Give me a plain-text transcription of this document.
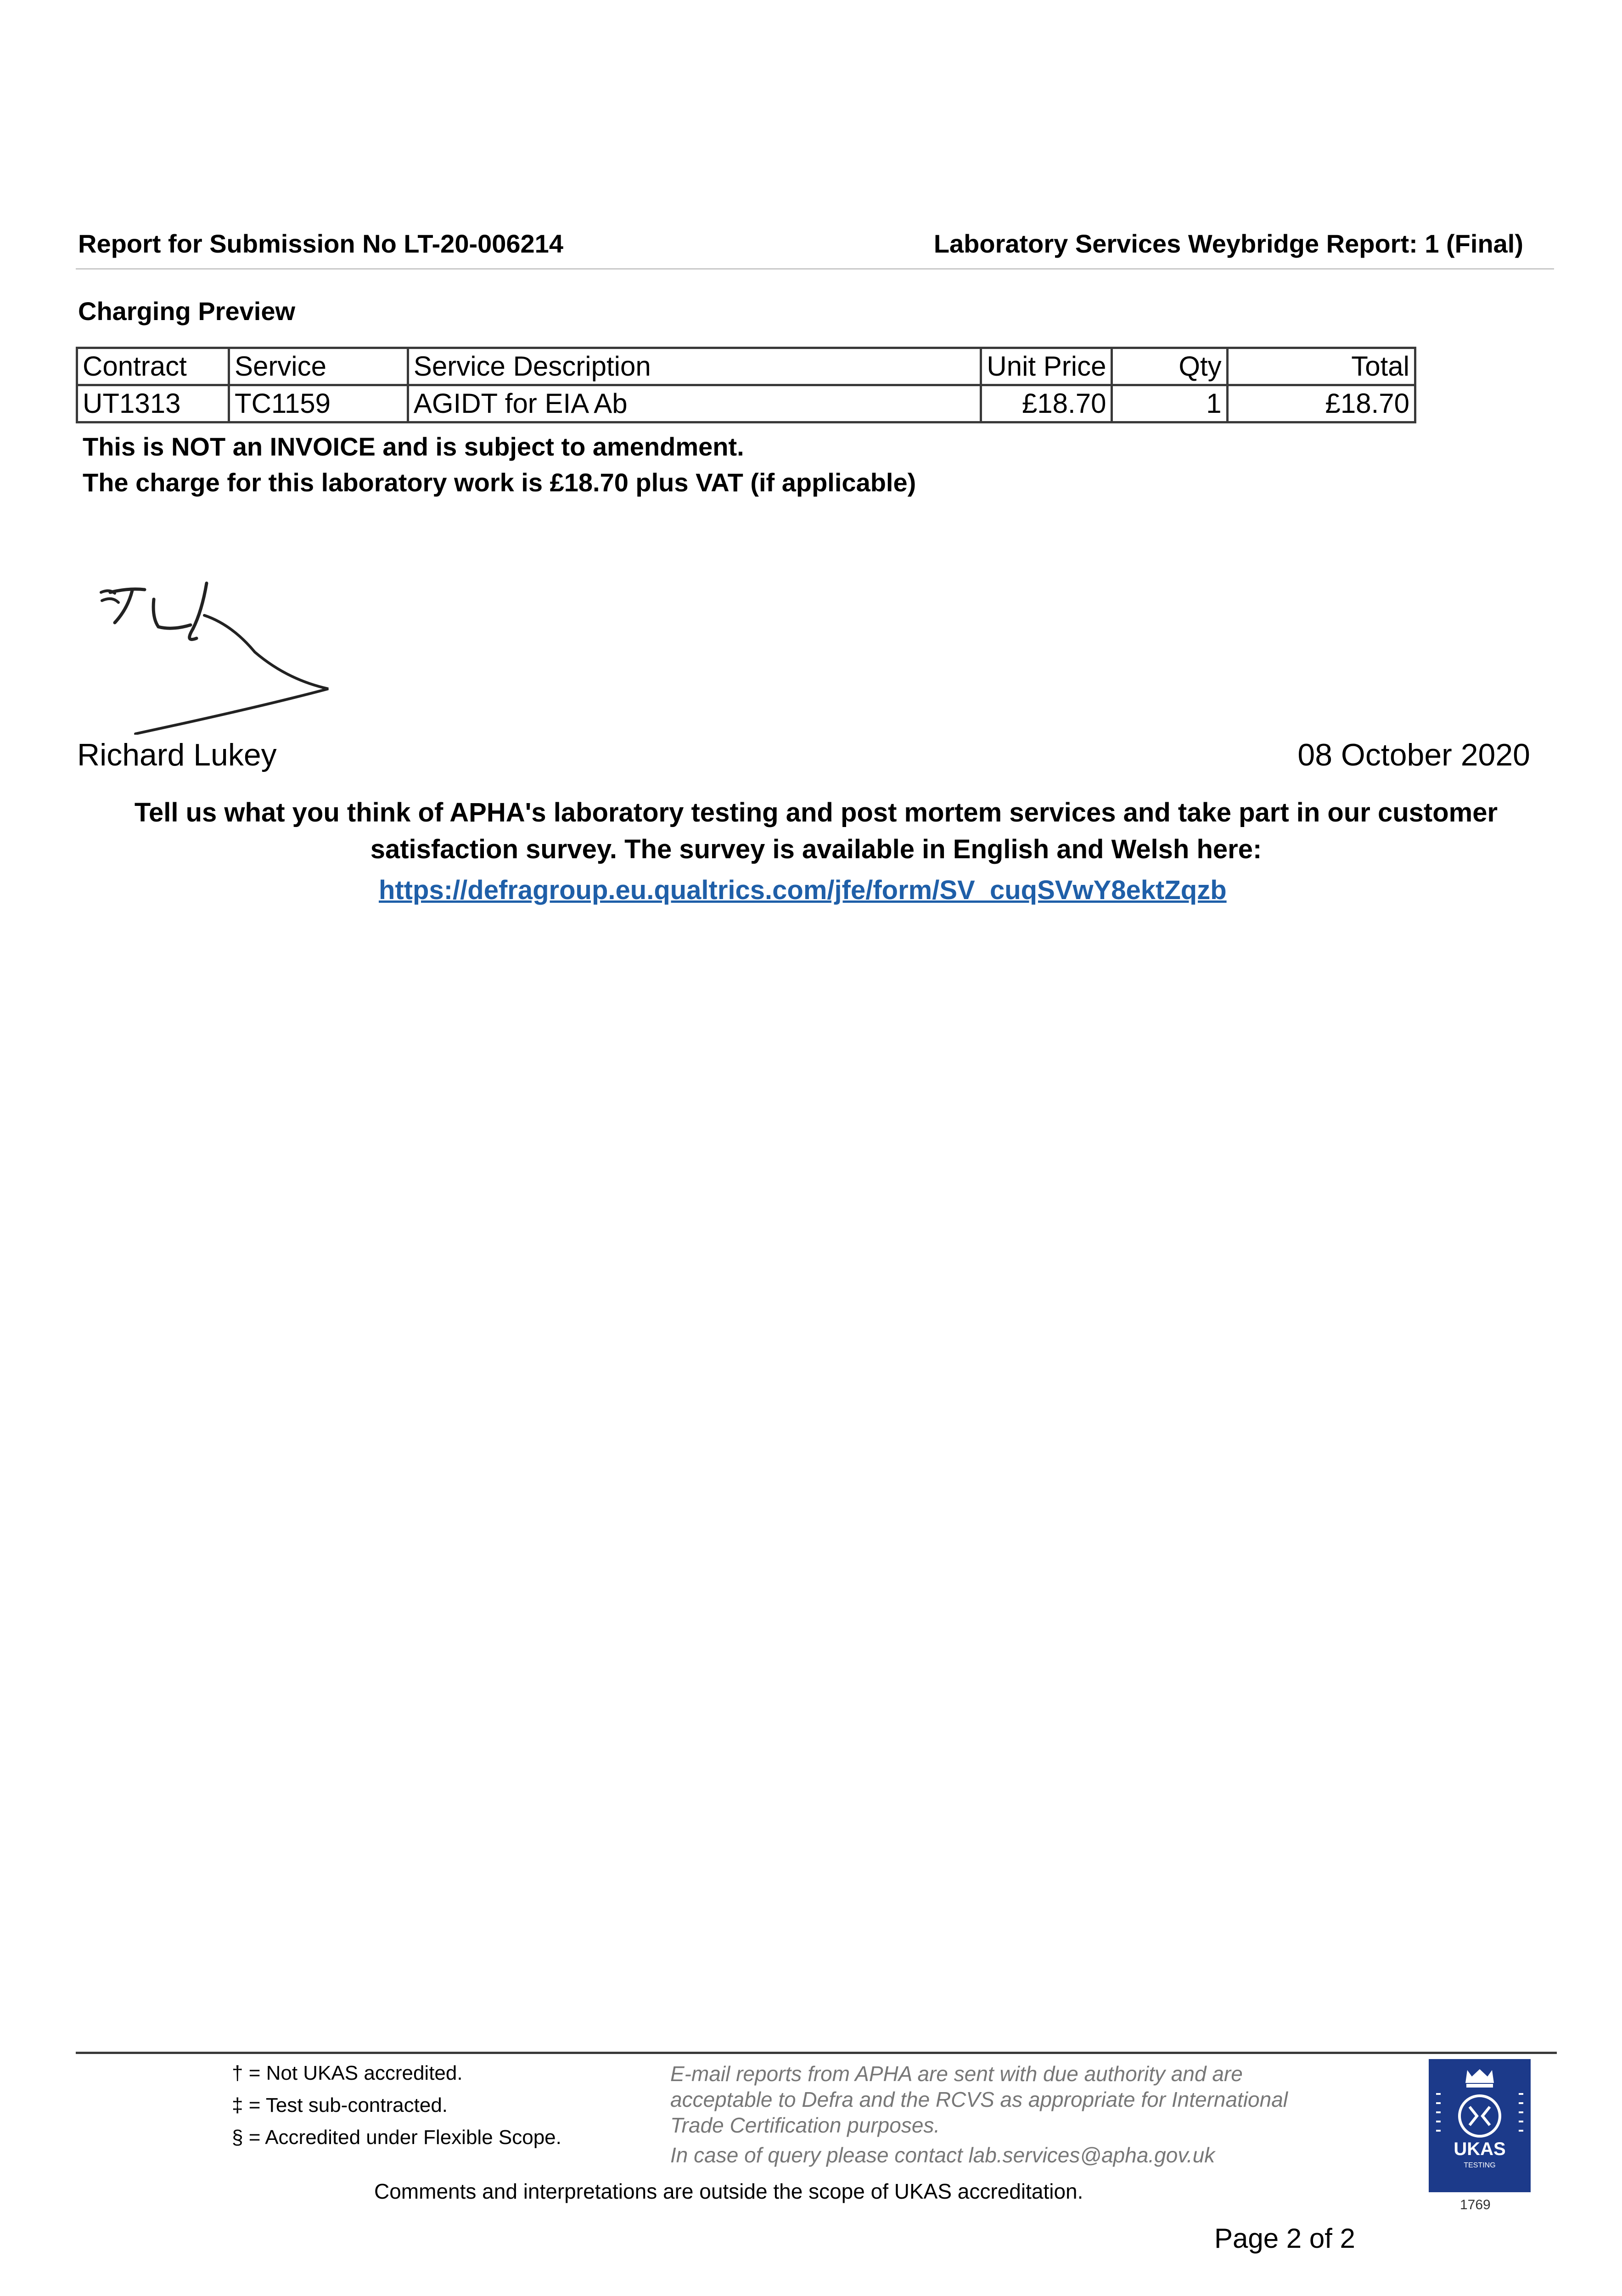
Report for Submission No LT-20-006214	Laboratory Services Weybridge Report: 1 (Final)
Charging Preview
Contract	Service	Service Description	Unit Price	Qty	Total
UT1313	TC1159	AGIDT for EIA Ab	£18.70	1	£18.70
This is NOT an INVOICE and is subject to amendment.
The charge for this laboratory work is £18.70 plus VAT (if applicable)
Richard Lukey	08 October 2020
Tell us what you think of APHA's laboratory testing and post mortem services and take part in our customer
satisfaction survey. The survey is available in English and Welsh here:
https://defragroup.eu.qualtrics.com/jfe/form/SV_cuqSVwY8ektZqzb
† = Not UKAS accredited.
‡ = Test sub-contracted.
§ = Accredited under Flexible Scope.
E-mail reports from APHA are sent with due authority and are
acceptable to Defra and the RCVS as appropriate for International
Trade Certification purposes.
In case of query please contact lab.services@apha.gov.uk
Comments and interpretations are outside the scope of UKAS accreditation.
UKAS
TESTING
1769
Page 2 of 2
